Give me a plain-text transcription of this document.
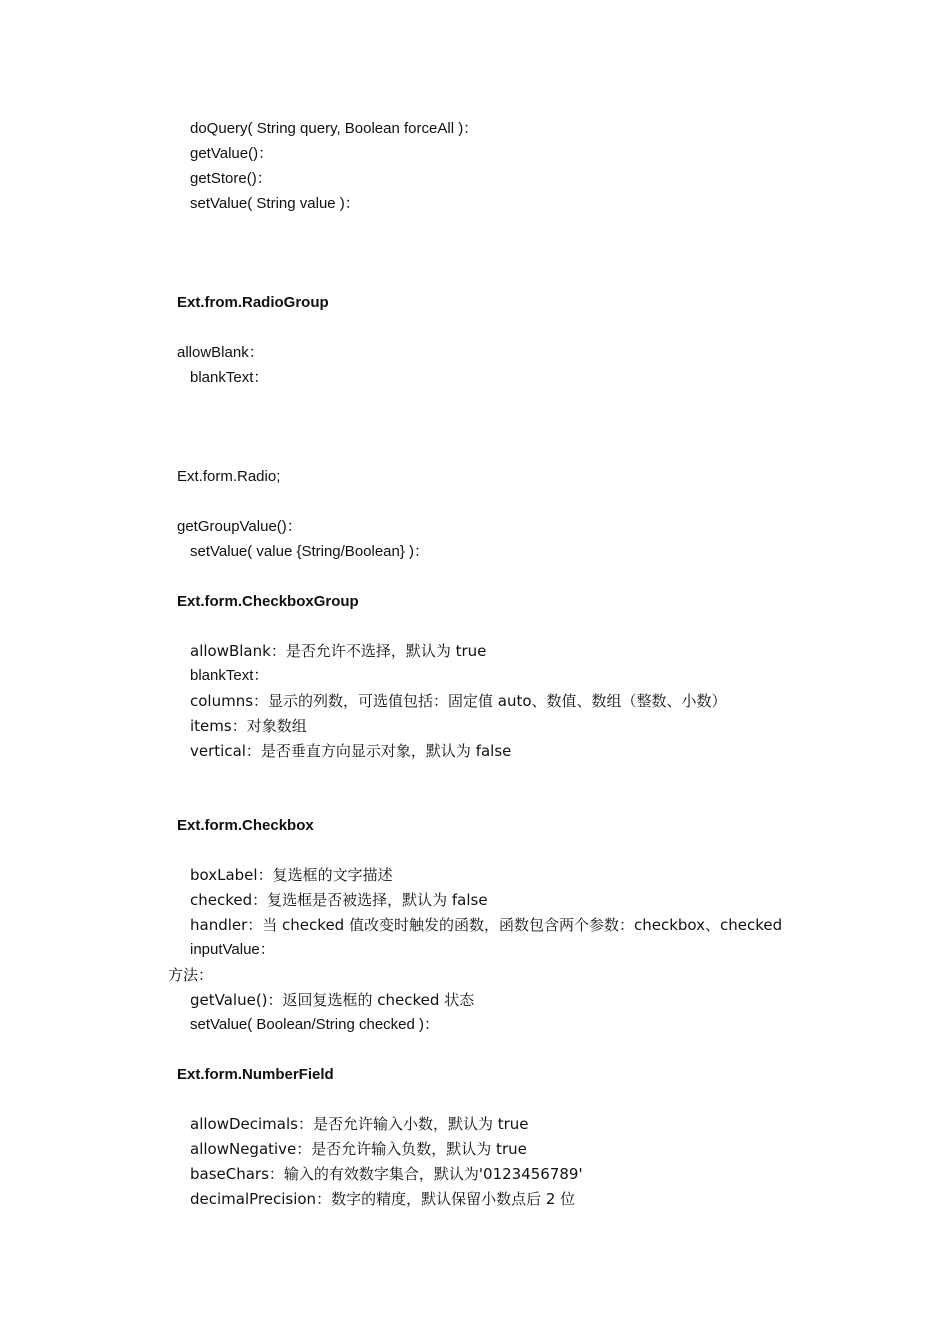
doQuery( String query, Boolean forceAll )：
getValue()：
getStore()：
setValue( String value )：
Ext.from.RadioGroup
allowBlank：
blankText：
Ext.form.Radio;
getGroupValue()：
setValue( value {String/Boolean} )：
Ext.form.CheckboxGroup
allowBlank：是否允许不选择，默认为 true
blankText：
columns：显示的列数，可选值包括：固定值 auto、数值、数组（整数、小数）
items：对象数组
vertical：是否垂直方向显示对象，默认为 false
Ext.form.Checkbox
boxLabel：复选框的文字描述
checked：复选框是否被选择，默认为 false
handler：当 checked 值改变时触发的函数，函数包含两个参数：checkbox、checked
inputValue：
方法：
getValue()：返回复选框的 checked 状态
setValue( Boolean/String checked )：
Ext.form.NumberField
allowDecimals：是否允许输入小数，默认为 true
allowNegative：是否允许输入负数，默认为 true
baseChars：输入的有效数字集合，默认为'0123456789'
decimalPrecision：数字的精度，默认保留小数点后 2 位
